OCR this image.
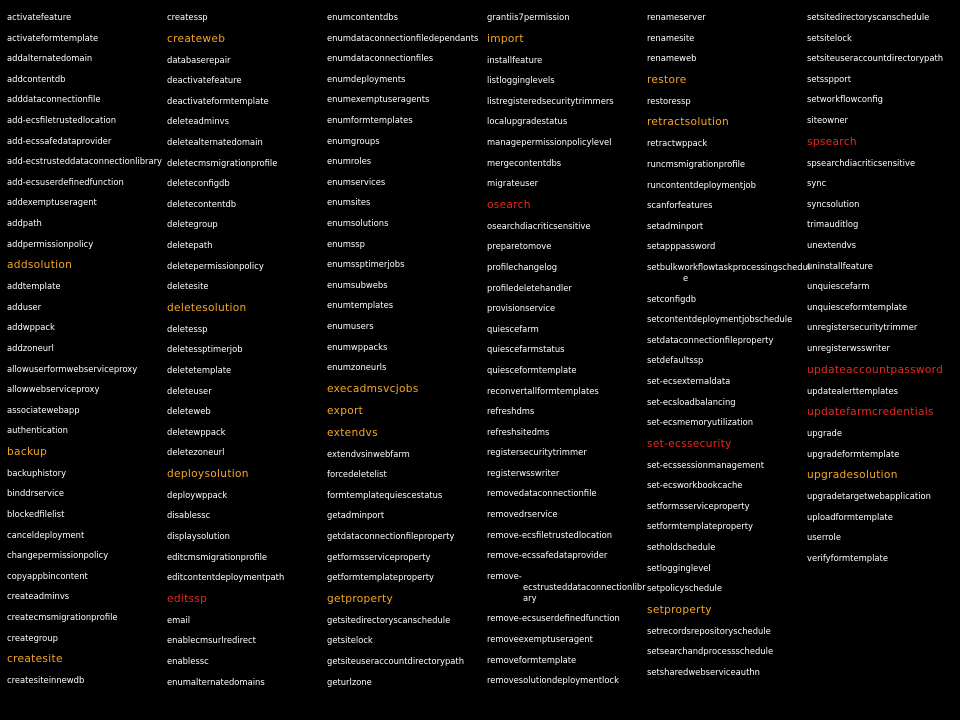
activatefeature
activateformtemplate
addalternatedomain
addcontentdb
adddataconnectionfile
add-ecsfiletrustedlocation
add-ecssafedataprovider
add-ecstrusteddataconnectionlibrary
add-ecsuserdefinedfunction
addexemptuseragent
addpath
addpermissionpolicy
addsolution
addtemplate
adduser
addwppack
addzoneurl
allowuserformwebserviceproxy
allowwebserviceproxy
associatewebapp
authentication
backup
backuphistory
binddrservice
blockedfilelist
canceldeployment
changepermissionpolicy
copyappbincontent
createadminvs
createcmsmigrationprofile
creategroup
createsite
createsiteinnewdb
createssp
createweb
databaserepair
deactivatefeature
deactivateformtemplate
deleteadminvs
deletealternatedomain
deletecmsmigrationprofile
deleteconfigdb
deletecontentdb
deletegroup
deletepath
deletepermissionpolicy
deletesite
deletesolution
deletessp
deletessptimerjob
deletetemplate
deleteuser
deleteweb
deletewppack
deletezoneurl
deploysolution
deploywppack
disablessc
displaysolution
editcmsmigrationprofile
editcontentdeploymentpath
editssp
email
enablecmsurlredirect
enablessc
enumalternatedomains
enumcontentdbs
enumdataconnectionfiledependants
enumdataconnectionfiles
enumdeployments
enumexemptuseragents
enumformtemplates
enumgroups
enumroles
enumservices
enumsites
enumsolutions
enumssp
enumssptimerjobs
enumsubwebs
enumtemplates
enumusers
enumwppacks
enumzoneurls
execadmsvcjobs
export
extendvs
extendvsinwebfarm
forcedeletelist
formtemplatequiescestatus
getadminport
getdataconnectionfileproperty
getformsserviceproperty
getformtemplateproperty
getproperty
getsitedirectoryscanschedule
getsitelock
getsiteuseraccountdirectorypath
geturlzone
grantiis7permission
import
installfeature
listlogginglevels
listregisteredsecuritytrimmers
localupgradestatus
managepermissionpolicylevel
mergecontentdbs
migrateuser
osearch
osearchdiacriticsensitive
preparetomove
profilechangelog
profiledeletehandler
provisionservice
quiescefarm
quiescefarmstatus
quiesceformtemplate
reconvertallformtemplates
refreshdms
refreshsitedms
registersecuritytrimmer
registerwsswriter
removedataconnectionfile
removedrservice
remove-ecsfiletrustedlocation
remove-ecssafedataprovider
remove-
ecstrusteddataconnectionlibr
ary
remove-ecsuserdefinedfunction
removeexemptuseragent
removeformtemplate
removesolutiondeploymentlock
renameserver
renamesite
renameweb
restore
restoressp
retractsolution
retractwppack
runcmsmigrationprofile
runcontentdeploymentjob
scanforfeatures
setadminport
setapppassword
setbulkworkflowtaskprocessingschedul
e
setconfigdb
setcontentdeploymentjobschedule
setdataconnectionfileproperty
setdefaultssp
set-ecsexternaldata
set-ecsloadbalancing
set-ecsmemoryutilization
set-ecssecurity
set-ecssessionmanagement
set-ecsworkbookcache
setformsserviceproperty
setformtemplateproperty
setholdschedule
setlogginglevel
setpolicyschedule
setproperty
setrecordsrepositoryschedule
setsearchandprocessschedule
setsharedwebserviceauthn
setsitedirectoryscanschedule
setsitelock
setsiteuseraccountdirectorypath
setsspport
setworkflowconfig
siteowner
spsearch
spsearchdiacriticsensitive
sync
syncsolution
trimauditlog
unextendvs
uninstallfeature
unquiescefarm
unquiesceformtemplate
unregistersecuritytrimmer
unregisterwsswriter
updateaccountpassword
updatealerttemplates
updatefarmcredentials
upgrade
upgradeformtemplate
upgradesolution
upgradetargetwebapplication
uploadformtemplate
userrole
verifyformtemplate
